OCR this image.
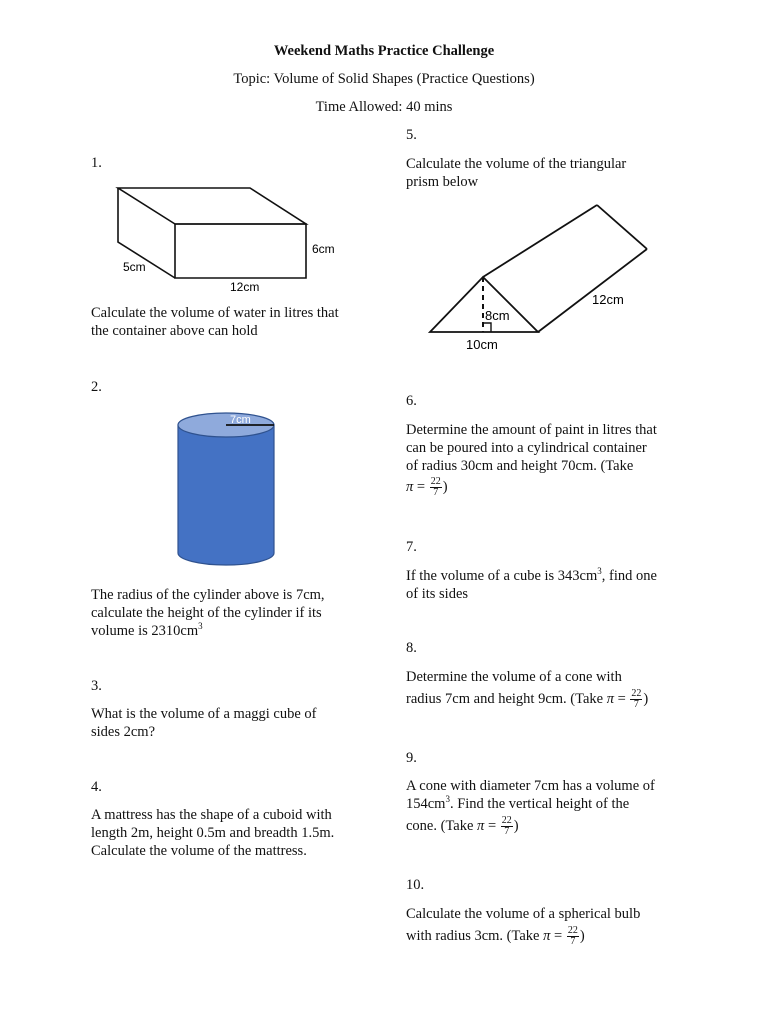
Weekend Maths Practice Challenge
Topic: Volume of Solid Shapes (Practice Questions)
Time Allowed: 40 mins
1.
6cm
5cm
12cm
Calculate the volume of water in litres that
the container above can hold
2.
7cm
The radius of the cylinder above is 7cm,
calculate the height of the cylinder if its
volume is $2310cm^3$
3.
What is the volume of a maggi cube of
sides 2cm?
4.
A mattress has the shape of a cuboid with
length 2m, height 0.5m and breadth 1.5m.
Calculate the volume of the mattress.
5.
Calculate the volume of the triangular
prism below
12cm
8cm
10cm
6.
Determine the amount of paint in litres that
can be poured into a cylindrical container
of radius 30cm and height 70cm. (Take
$\pi = \frac{22}{7}$ )
7.
If the volume of a cube is $343cm^3$, find one
of its sides
8.
Determine the volume of a cone with
radius 7cm and height 9cm. (Take $\pi = \frac{22}{7}$ )
9.
A cone with diameter 7cm has a volume of
$154cm^3$. Find the vertical height of the
cone. (Take $\pi = \frac{22}{7}$ )
10.
Calculate the volume of a spherical bulb
with radius 3cm. (Take $\pi = \frac{22}{7}$ )
